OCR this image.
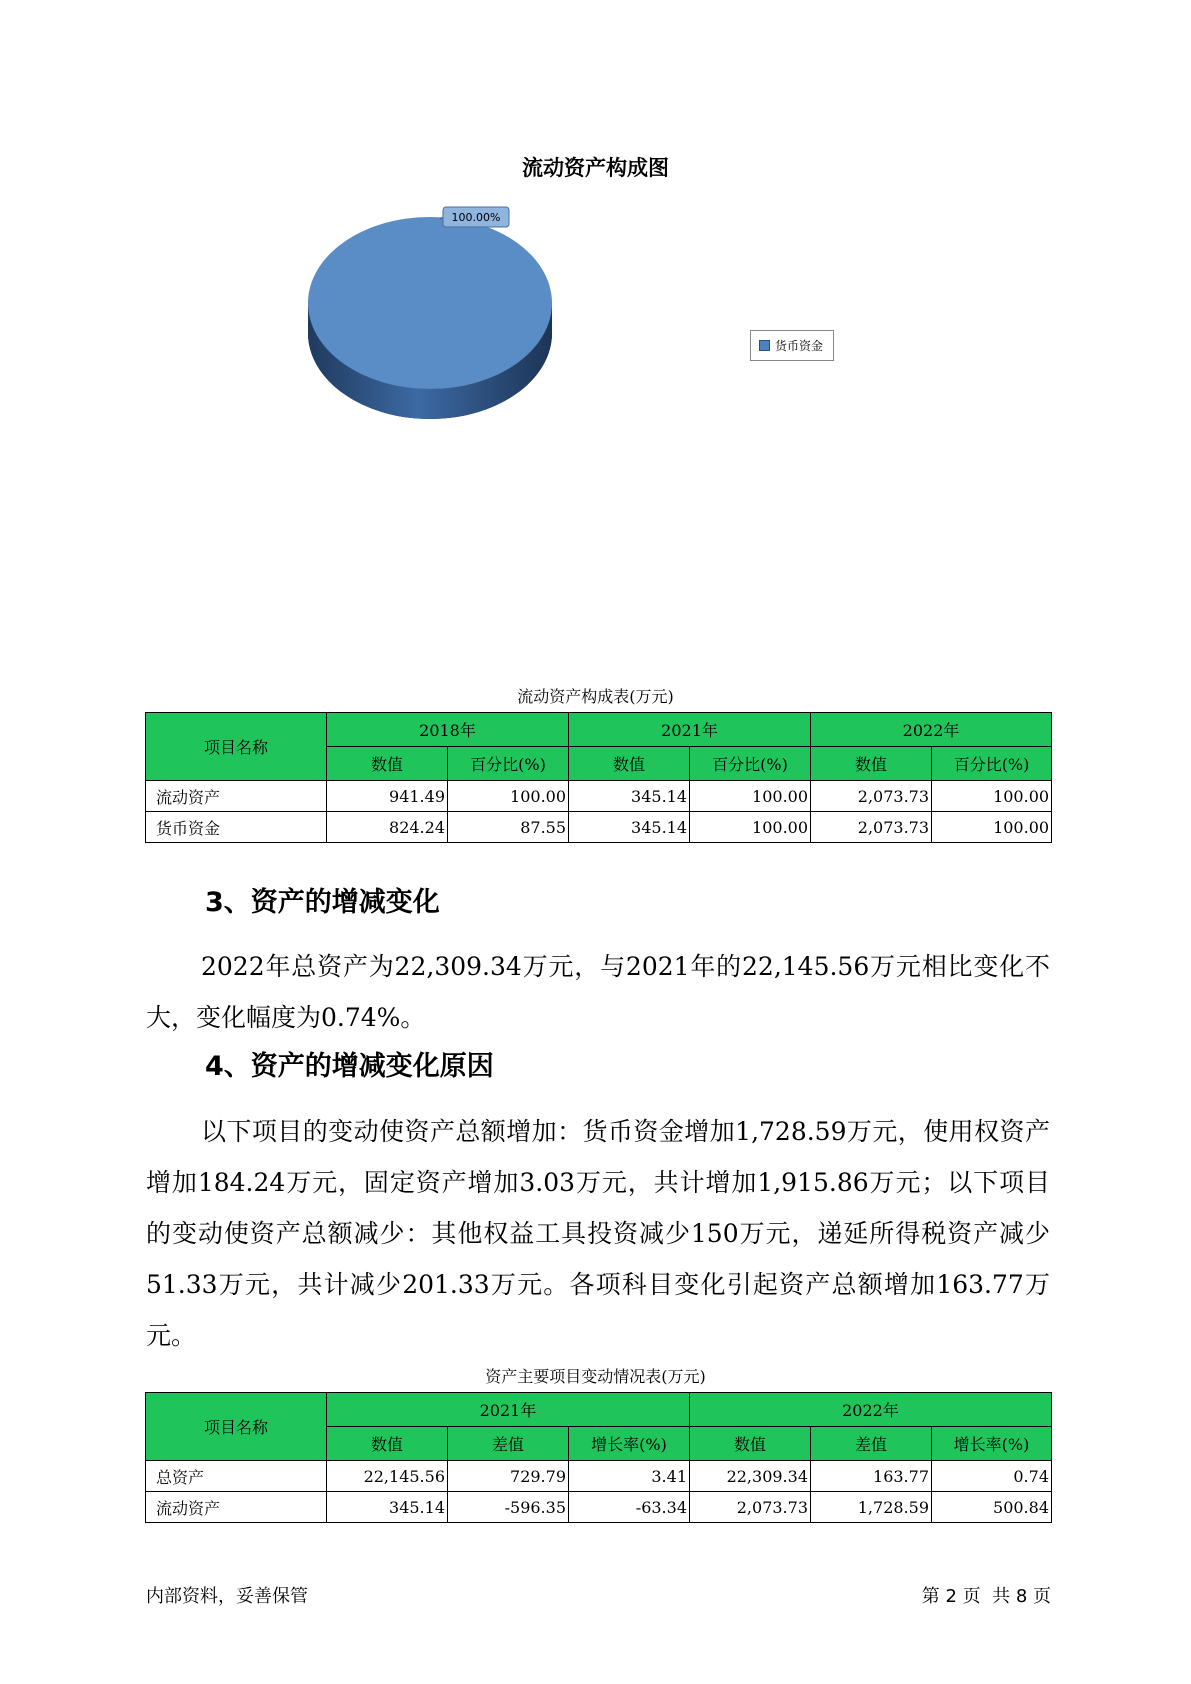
流动资产构成图
100.00%
货币资金
流动资产构成表(万元)
项目名称	2018年		2021年		2022年	
	数值	百分比(%)	数值	百分比(%)	数值	百分比(%)
流动资产	941.49	100.00	345.14	100.00	2,073.73	100.00
货币资金	824.24	87.55	345.14	100.00	2,073.73	100.00
3、资产的增减变化

2022年总资产为22,309.34万元，与2021年的22,145.56万元相比变化不大，变化幅度为0.74%。

4、资产的增减变化原因

以下项目的变动使资产总额增加：货币资金增加1,728.59万元，使用权资产增加184.24万元，固定资产增加3.03万元，共计增加1,915.86万元；以下项目的变动使资产总额减少：其他权益工具投资减少150万元，递延所得税资产减少51.33万元，共计减少201.33万元。各项科目变化引起资产总额增加163.77万元。

资产主要项目变动情况表(万元)
项目名称	2021年			2022年		
	数值	差值	增长率(%)	数值	差值	增长率(%)
总资产	22,145.56	729.79	3.41	22,309.34	163.77	0.74
流动资产	345.14	-596.35	-63.34	2,073.73	1,728.59	500.84
内部资料，妥善保管	第 2 页  共 8 页
